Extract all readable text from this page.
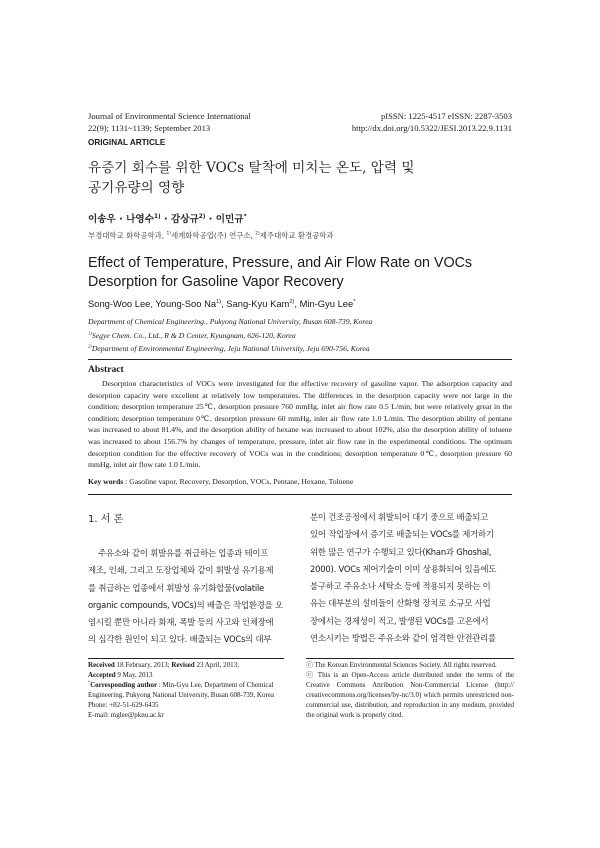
Journal of Environmental Science International
22(9); 1131~1139; September 2013
pISSN: 1225-4517 eISSN: 2287-3503
http://dx.doi.org/10.5322/JESI.2013.22.9.1131
ORIGINAL ARTICLE
유증기 회수를 위한 VOCs 탈착에 미치는 온도, 압력 및
공기유량의 영향
이송우 · 나영수$^{1)}$ · 감상규$^{2)}$ · 이민규*
부경대학교 화학공학과, $^{1)}$세계화학공업(주) 연구소, $^{2)}$제주대학교 환경공학과
Effect of Temperature, Pressure, and Air Flow Rate on VOCs
Desorption for Gasoline Vapor Recovery
Song-Woo Lee, Young-Soo Na$^{1)}$, Sang-Kyu Kam$^{2)}$, Min-Gyu Lee*
Department of Chemical Engineering., Pukyong National University, Busan 608-739, Korea
$^{1)}$Segye Chem. Co., Ltd., R & D Center, Kyungnam, 626-120, Korea
$^{2)}$Department of Environmental Engineering, Jeju National University, Jeju 690-756, Korea
Abstract
Desorption characteristics of VOCs were investigated for the effective recovery of gasoline vapor. The adsorption capacity and desorption capacity were excellent at relatively low temperatures. The differences in the desorption capacity were not large in the condition; desorption temperature 25℃, desorption pressure 760 mmHg, inlet air flow rate 0.5 L/min, but were relatively great in the condition; desorption temperature 0℃, desorption pressure 60 mmHg, inlet air flow rate 1.0 L/min. The desorption ability of pentane was increased to about 81.4%, and the desorption ability of hexane was increased to about 102%, also the desorption ability of toluene was increased to about 156.7% by changes of temperature, pressure, inlet air flow rate in the experimental conditions. The optimum desorption condition for the effective recovery of VOCs was in the conditions; desorption temperature 0℃, desorption pressure 60 mmHg, inlet air flow rate 1.0 L/min.
Key words : Gasoline vapor, Recovery, Desorption, VOCs, Pentane, Hexane, Toluene
1. 서 론
주유소와 같이 휘발유를 취급하는 업종과 테이프
제조, 인쇄, 그리고 도장업체와 같이 휘발성 유기용제
를 취급하는 업종에서 휘발성 유기화합물(volatile
organic compounds, VOCs)의 배출은 작업환경을 오
염시킬 뿐만 아니라 화재, 폭발 등의 사고와 인체장애
의 심각한 원인이 되고 있다. 배출되는 VOCs의 대부
분이 건조공정에서 휘발되어 대기 중으로 배출되고
있어 작업장에서 증기로 배출되는 VOCs를 제거하기
위한 많은 연구가 수행되고 있다(Khan과 Ghoshal,
2000). VOCs 제어기술이 이미 상용화되어 있음에도
불구하고 주유소나 세탁소 등에 적용되지 못하는 이
유는 대부분의 설비들이 산화형 장치로 소규모 사업
장에서는 경제성이 적고, 발생된 VOCs를 고온에서
연소시키는 방법은 주유소와 같이 엄격한 안전관리를
Received 18 February, 2013; Revised 23 April, 2013;
Accepted 9 May, 2013
*Corresponding author : Min-Gyu Lee, Department of Chemical Engineering, Pukyong National University, Busan 608-739, Korea
Phone: +82-51-629-6435
E-mail: mglee@pknu.ac.kr
ⓒ The Korean Environmental Sciences Society. All rights reserved.
ⓒ This is an Open-Access article distributed under the terms of the Creative Commons Attribution Non-Commercial License (http:// creativecommons.org/licenses/by-nc/3.0) which permits unrestricted non-commercial use, distribution, and reproduction in any medium, provided the original work is properly cited.
